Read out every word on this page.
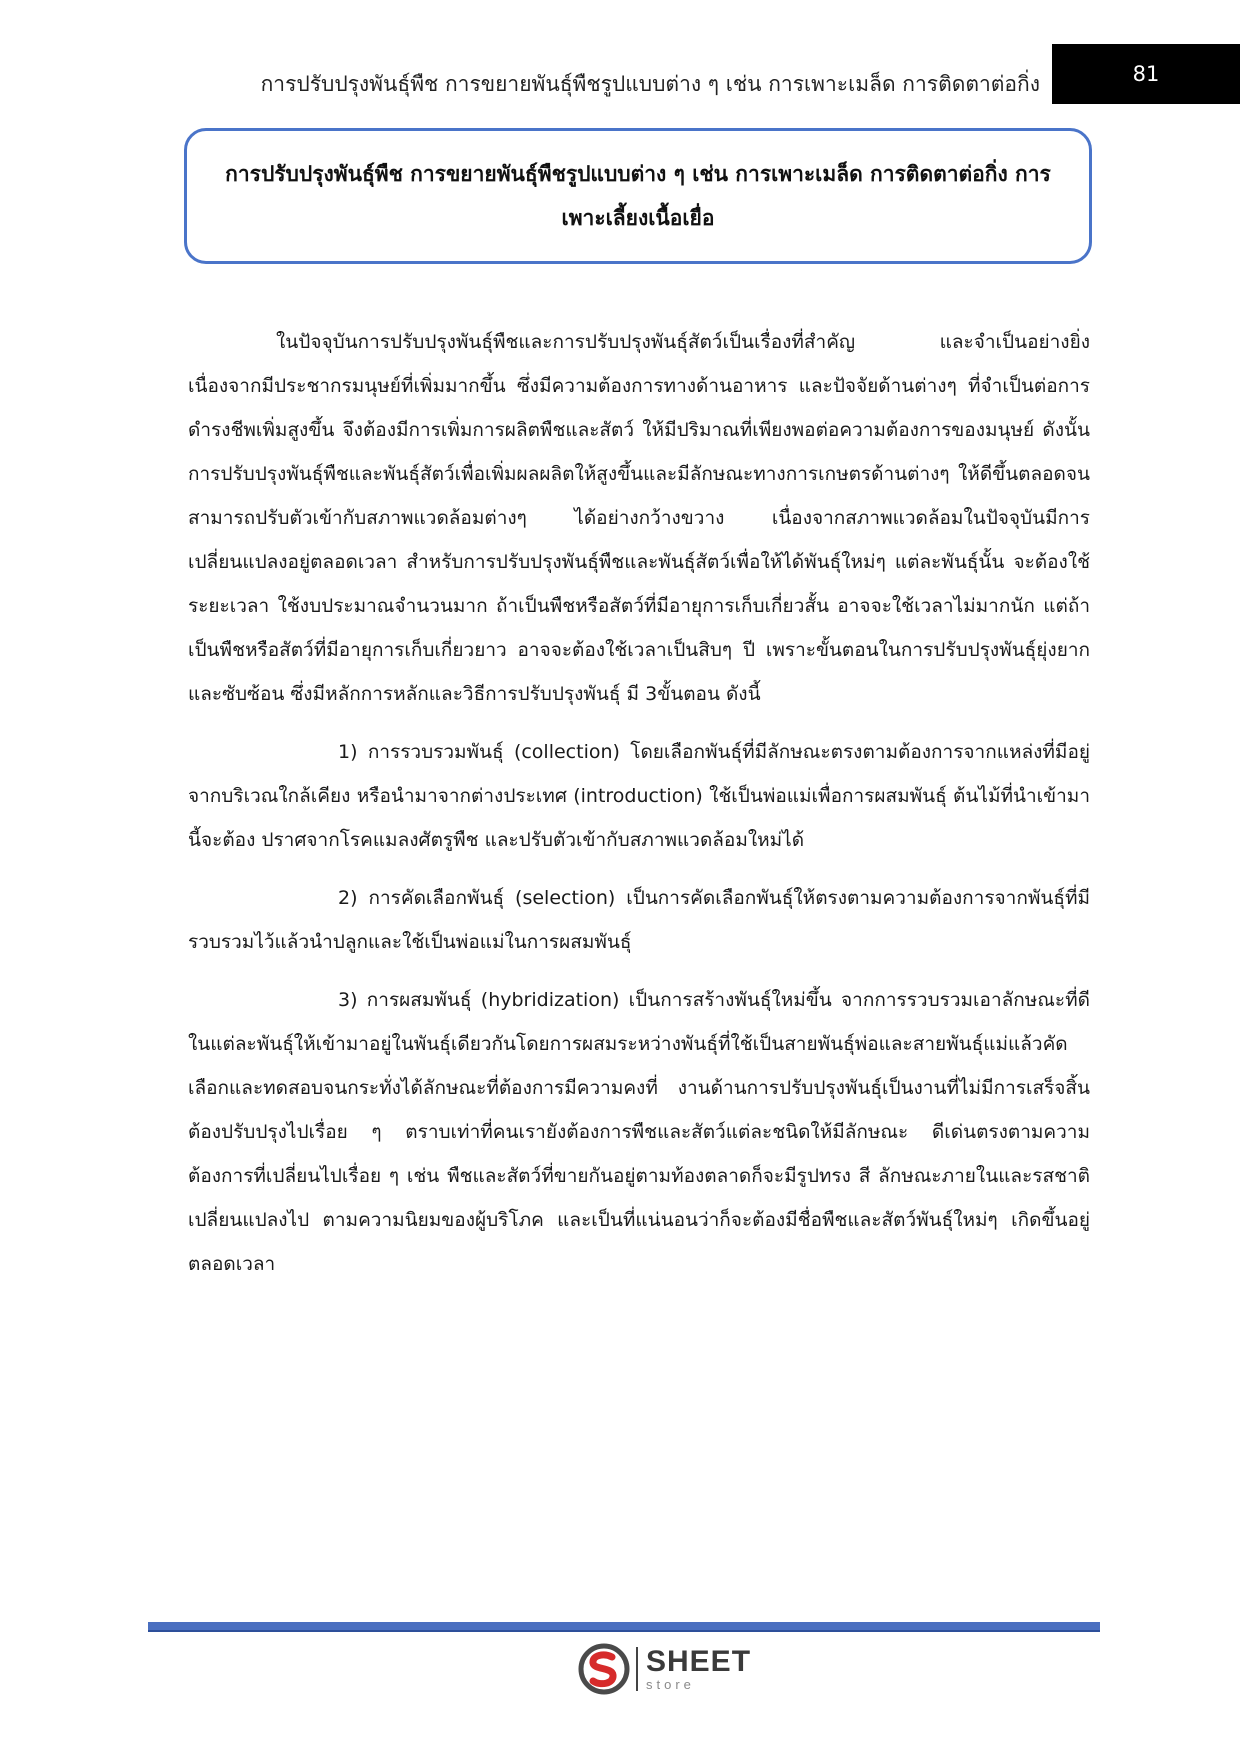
การปรับปรุงพันธุ์พืช การขยายพันธุ์พืชรูปแบบต่าง ๆ เช่น การเพาะเมล็ด การติดตาต่อกิ่ง	81
การปรับปรุงพันธุ์พืช การขยายพันธุ์พืชรูปแบบต่าง ๆ เช่น การเพาะเมล็ด การติดตาต่อกิ่ง การเพาะเลี้ยงเนื้อเยื่อ

ในปัจจุบันการปรับปรุงพันธุ์พืชและการปรับปรุงพันธุ์สัตว์เป็นเรื่องที่สำคัญ และจำเป็นอย่างยิ่ง เนื่องจากมีประชากรมนุษย์ที่เพิ่มมากขึ้น ซึ่งมีความต้องการทางด้านอาหาร และปัจจัยด้านต่างๆ ที่จำเป็นต่อการดำรงชีพเพิ่มสูงขึ้น จึงต้องมีการเพิ่มการผลิตพืชและสัตว์ ให้มีปริมาณที่เพียงพอต่อความต้องการของมนุษย์ ดังนั้นการปรับปรุงพันธุ์พืชและพันธุ์สัตว์เพื่อเพิ่มผลผลิตให้สูงขึ้นและมีลักษณะทางการเกษตรด้านต่างๆ ให้ดีขึ้นตลอดจนสามารถปรับตัวเข้ากับสภาพแวดล้อมต่างๆ ได้อย่างกว้างขวาง เนื่องจากสภาพแวดล้อมในปัจจุบันมีการเปลี่ยนแปลงอยู่ตลอดเวลา สำหรับการปรับปรุงพันธุ์พืชและพันธุ์สัตว์เพื่อให้ได้พันธุ์ใหม่ๆ แต่ละพันธุ์นั้น จะต้องใช้ระยะเวลา ใช้งบประมาณจำนวนมาก ถ้าเป็นพืชหรือสัตว์ที่มีอายุการเก็บเกี่ยวสั้น อาจจะใช้เวลาไม่มากนัก แต่ถ้าเป็นพืชหรือสัตว์ที่มีอายุการเก็บเกี่ยวยาว อาจจะต้องใช้เวลาเป็นสิบๆ ปี เพราะขั้นตอนในการปรับปรุงพันธุ์ยุ่งยากและซับซ้อน ซึ่งมีหลักการหลักและวิธีการปรับปรุงพันธุ์ มี 3ขั้นตอน ดังนี้

1) การรวบรวมพันธุ์ (collection) โดยเลือกพันธุ์ที่มีลักษณะตรงตามต้องการจากแหล่งที่มีอยู่จากบริเวณใกล้เคียง หรือนำมาจากต่างประเทศ (introduction) ใช้เป็นพ่อแม่เพื่อการผสมพันธุ์ ต้นไม้ที่นำเข้ามานี้จะต้อง ปราศจากโรคแมลงศัตรูพืช และปรับตัวเข้ากับสภาพแวดล้อมใหม่ได้

2) การคัดเลือกพันธุ์ (selection) เป็นการคัดเลือกพันธุ์ให้ตรงตามความต้องการจากพันธุ์ที่มีรวบรวมไว้แล้วนำปลูกและใช้เป็นพ่อแม่ในการผสมพันธุ์

3) การผสมพันธุ์ (hybridization) เป็นการสร้างพันธุ์ใหม่ขึ้น จากการรวบรวมเอาลักษณะที่ดีในแต่ละพันธุ์ให้เข้ามาอยู่ในพันธุ์เดียวกันโดยการผสมระหว่างพันธุ์ที่ใช้เป็นสายพันธุ์พ่อและสายพันธุ์แม่แล้วคัดเลือกและทดสอบจนกระทั่งได้ลักษณะที่ต้องการมีความคงที่ งานด้านการปรับปรุงพันธุ์เป็นงานที่ไม่มีการเสร็จสิ้นต้องปรับปรุงไปเรื่อย ๆ ตราบเท่าที่คนเรายังต้องการพืชและสัตว์แต่ละชนิดให้มีลักษณะ ดีเด่นตรงตามความต้องการที่เปลี่ยนไปเรื่อย ๆ เช่น พืชและสัตว์ที่ขายกันอยู่ตามท้องตลาดก็จะมีรูปทรง สี ลักษณะภายในและรสชาติเปลี่ยนแปลงไป ตามความนิยมของผู้บริโภค และเป็นที่แน่นอนว่าก็จะต้องมีชื่อพืชและสัตว์พันธุ์ใหม่ๆ เกิดขึ้นอยู่ตลอดเวลา

SHEET
store
